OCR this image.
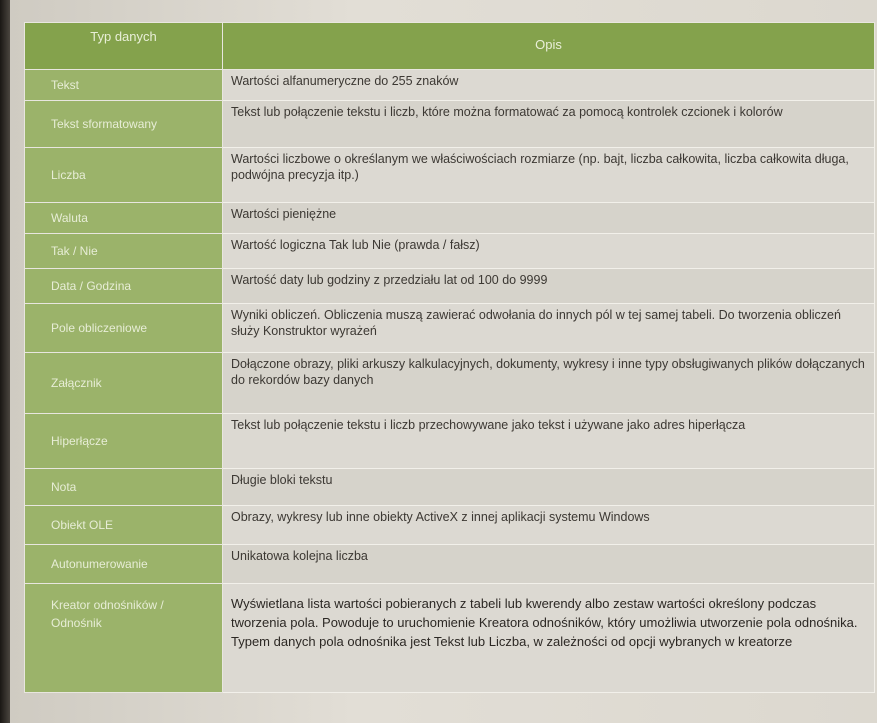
Typ danych	Opis
Tekst	Wartości alfanumeryczne do 255 znaków
Tekst sformatowany	Tekst lub połączenie tekstu i liczb, które można formatować za pomocą kontrolek czcionek i kolorów
Liczba	Wartości liczbowe o określanym we właściwościach rozmiarze (np. bajt, liczba całkowita, liczba całkowita długa, podwójna precyzja itp.)
Waluta	Wartości pieniężne
Tak / Nie	Wartość logiczna Tak lub Nie (prawda / fałsz)
Data / Godzina	Wartość daty lub godziny z przedziału lat od 100 do 9999
Pole obliczeniowe	Wyniki obliczeń. Obliczenia muszą zawierać odwołania do innych pól w tej samej tabeli. Do tworzenia obliczeń służy Konstruktor wyrażeń
Załącznik	Dołączone obrazy, pliki arkuszy kalkulacyjnych, dokumenty, wykresy i inne typy obsługiwanych plików dołączanych do rekordów bazy danych
Hiperłącze	Tekst lub połączenie tekstu i liczb przechowywane jako tekst i używane jako adres hiperłącza
Nota	Długie bloki tekstu
Obiekt OLE	Obrazy, wykresy lub inne obiekty ActiveX z innej aplikacji systemu Windows
Autonumerowanie	Unikatowa kolejna liczba
Kreator odnośników / Odnośnik	Wyświetlana lista wartości pobieranych z tabeli lub kwerendy albo zestaw wartości określony podczas tworzenia pola. Powoduje to uruchomienie Kreatora odnośników, który umożliwia utworzenie pola odnośnika. Typem danych pola odnośnika jest Tekst lub Liczba, w zależności od opcji wybranych w kreatorze
